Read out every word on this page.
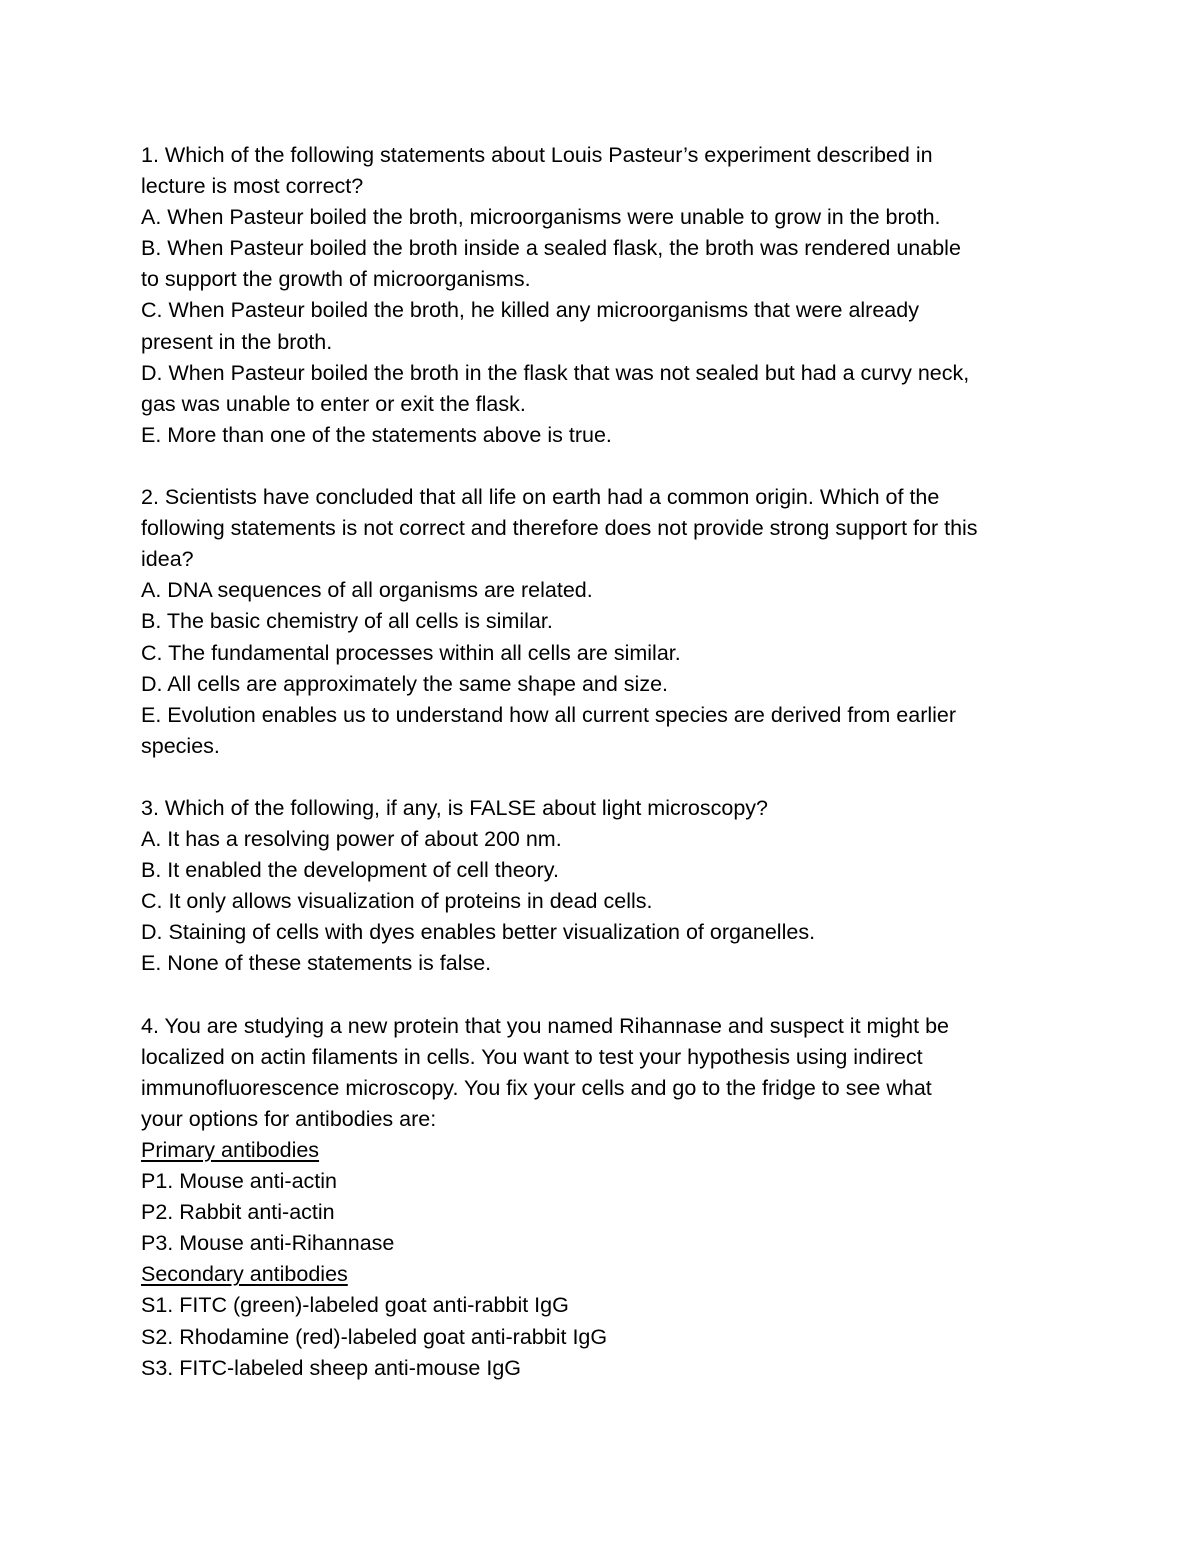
1. Which of the following statements about Louis Pasteur’s experiment described in
lecture is most correct?
A. When Pasteur boiled the broth, microorganisms were unable to grow in the broth.
B. When Pasteur boiled the broth inside a sealed flask, the broth was rendered unable
to support the growth of microorganisms.
C. When Pasteur boiled the broth, he killed any microorganisms that were already
present in the broth.
D. When Pasteur boiled the broth in the flask that was not sealed but had a curvy neck,
gas was unable to enter or exit the flask.
E. More than one of the statements above is true.
2. Scientists have concluded that all life on earth had a common origin. Which of the
following statements is not correct and therefore does not provide strong support for this
idea?
A. DNA sequences of all organisms are related.
B. The basic chemistry of all cells is similar.
C. The fundamental processes within all cells are similar.
D. All cells are approximately the same shape and size.
E. Evolution enables us to understand how all current species are derived from earlier
species.
3. Which of the following, if any, is FALSE about light microscopy?
A. It has a resolving power of about 200 nm.
B. It enabled the development of cell theory.
C. It only allows visualization of proteins in dead cells.
D. Staining of cells with dyes enables better visualization of organelles.
E. None of these statements is false.
4. You are studying a new protein that you named Rihannase and suspect it might be
localized on actin filaments in cells. You want to test your hypothesis using indirect
immunofluorescence microscopy. You fix your cells and go to the fridge to see what
your options for antibodies are:
Primary antibodies
P1. Mouse anti-actin
P2. Rabbit anti-actin
P3. Mouse anti-Rihannase
Secondary antibodies
S1. FITC (green)-labeled goat anti-rabbit IgG
S2. Rhodamine (red)-labeled goat anti-rabbit IgG
S3. FITC-labeled sheep anti-mouse IgG
